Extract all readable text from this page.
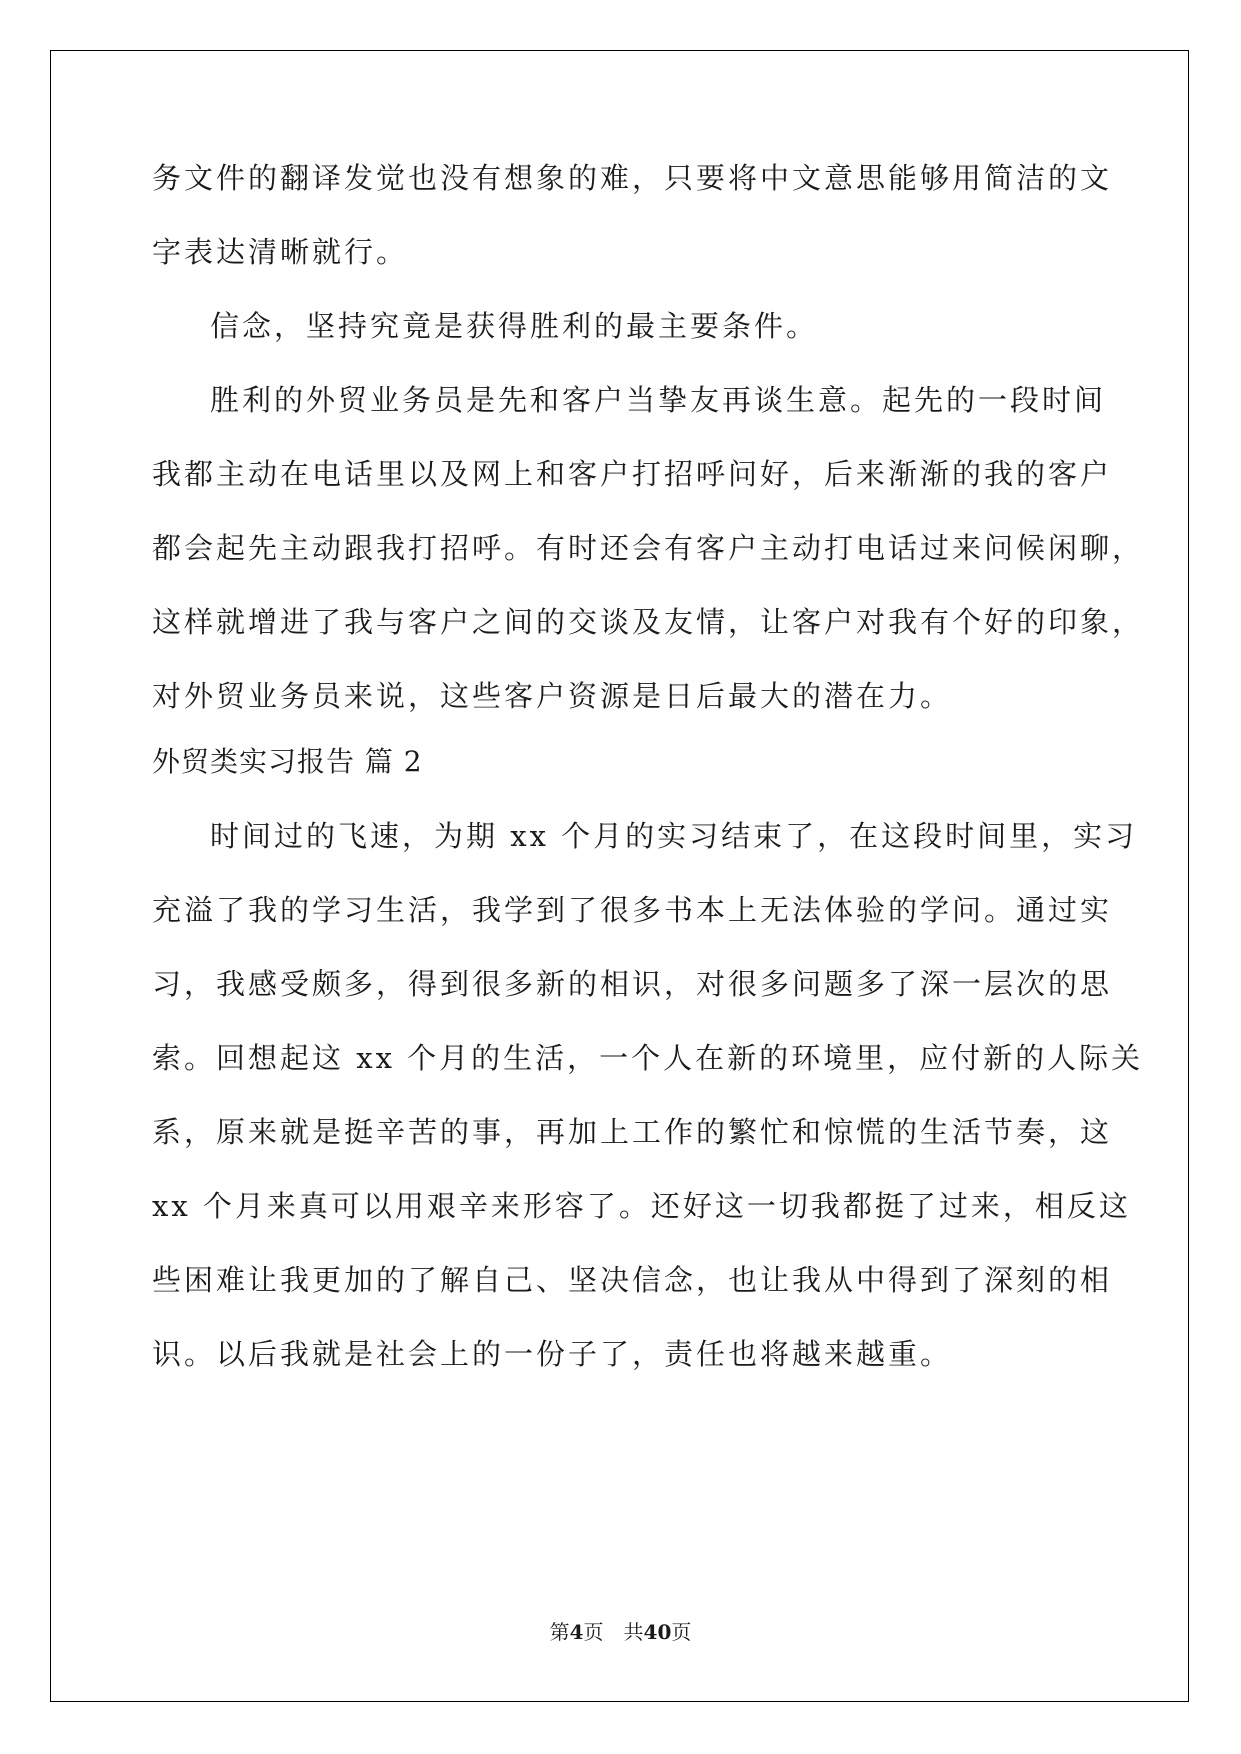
务文件的翻译发觉也没有想象的难，只要将中文意思能够用简洁的文
字表达清晰就行。
信念，坚持究竟是获得胜利的最主要条件。
胜利的外贸业务员是先和客户当挚友再谈生意。起先的一段时间
我都主动在电话里以及网上和客户打招呼问好，后来渐渐的我的客户
都会起先主动跟我打招呼。有时还会有客户主动打电话过来问候闲聊，
这样就增进了我与客户之间的交谈及友情，让客户对我有个好的印象，
对外贸业务员来说，这些客户资源是日后最大的潜在力。
外贸类实习报告 篇 2
时间过的飞速，为期 xx 个月的实习结束了，在这段时间里，实习
充溢了我的学习生活，我学到了很多书本上无法体验的学问。通过实
习，我感受颇多，得到很多新的相识，对很多问题多了深一层次的思
索。回想起这 xx 个月的生活，一个人在新的环境里，应付新的人际关
系，原来就是挺辛苦的事，再加上工作的繁忙和惊慌的生活节奏，这
xx 个月来真可以用艰辛来形容了。还好这一切我都挺了过来，相反这
些困难让我更加的了解自己、坚决信念，也让我从中得到了深刻的相
识。以后我就是社会上的一份子了，责任也将越来越重。
第4页　共40页
